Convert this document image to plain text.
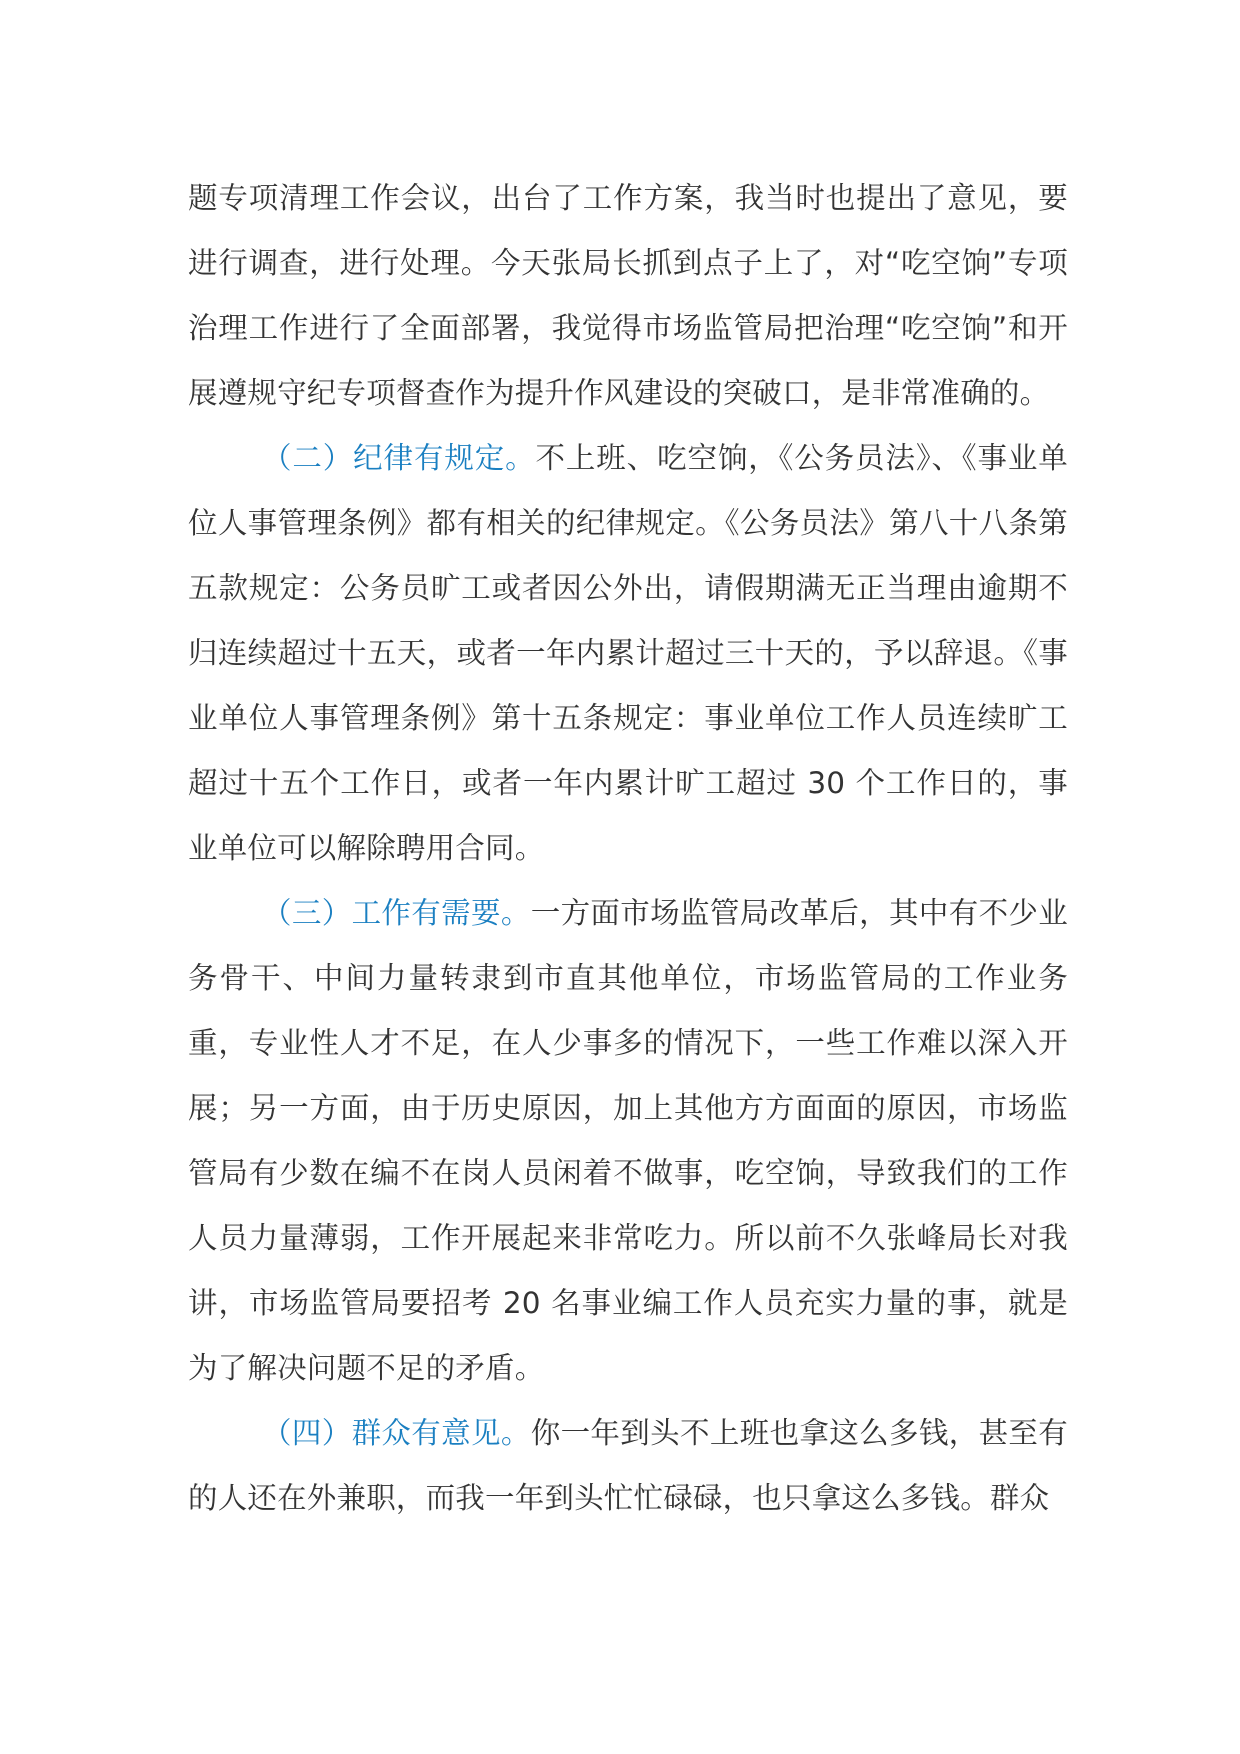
题专项清理工作会议，出台了工作方案，我当时也提出了意见，要进行调查，进行处理。今天张局长抓到点子上了，对“吃空饷”专项治理工作进行了全面部署，我觉得市场监管局把治理“吃空饷”和开展遵规守纪专项督查作为提升作风建设的突破口，是非常准确的。

（二）纪律有规定。不上班、吃空饷，《公务员法》、《事业单位人事管理条例》都有相关的纪律规定。《公务员法》第八十八条第五款规定：公务员旷工或者因公外出，请假期满无正当理由逾期不归连续超过十五天，或者一年内累计超过三十天的，予以辞退。《事业单位人事管理条例》第十五条规定：事业单位工作人员连续旷工超过十五个工作日，或者一年内累计旷工超过 30 个工作日的，事业单位可以解除聘用合同。

（三）工作有需要。一方面市场监管局改革后，其中有不少业务骨干、中间力量转隶到市直其他单位，市场监管局的工作业务重，专业性人才不足，在人少事多的情况下，一些工作难以深入开展；另一方面，由于历史原因，加上其他方方面面的原因，市场监管局有少数在编不在岗人员闲着不做事，吃空饷，导致我们的工作人员力量薄弱，工作开展起来非常吃力。所以前不久张峰局长对我讲，市场监管局要招考 20 名事业编工作人员充实力量的事，就是为了解决问题不足的矛盾。

（四）群众有意见。你一年到头不上班也拿这么多钱，甚至有的人还在外兼职，而我一年到头忙忙碌碌，也只拿这么多钱。群众
